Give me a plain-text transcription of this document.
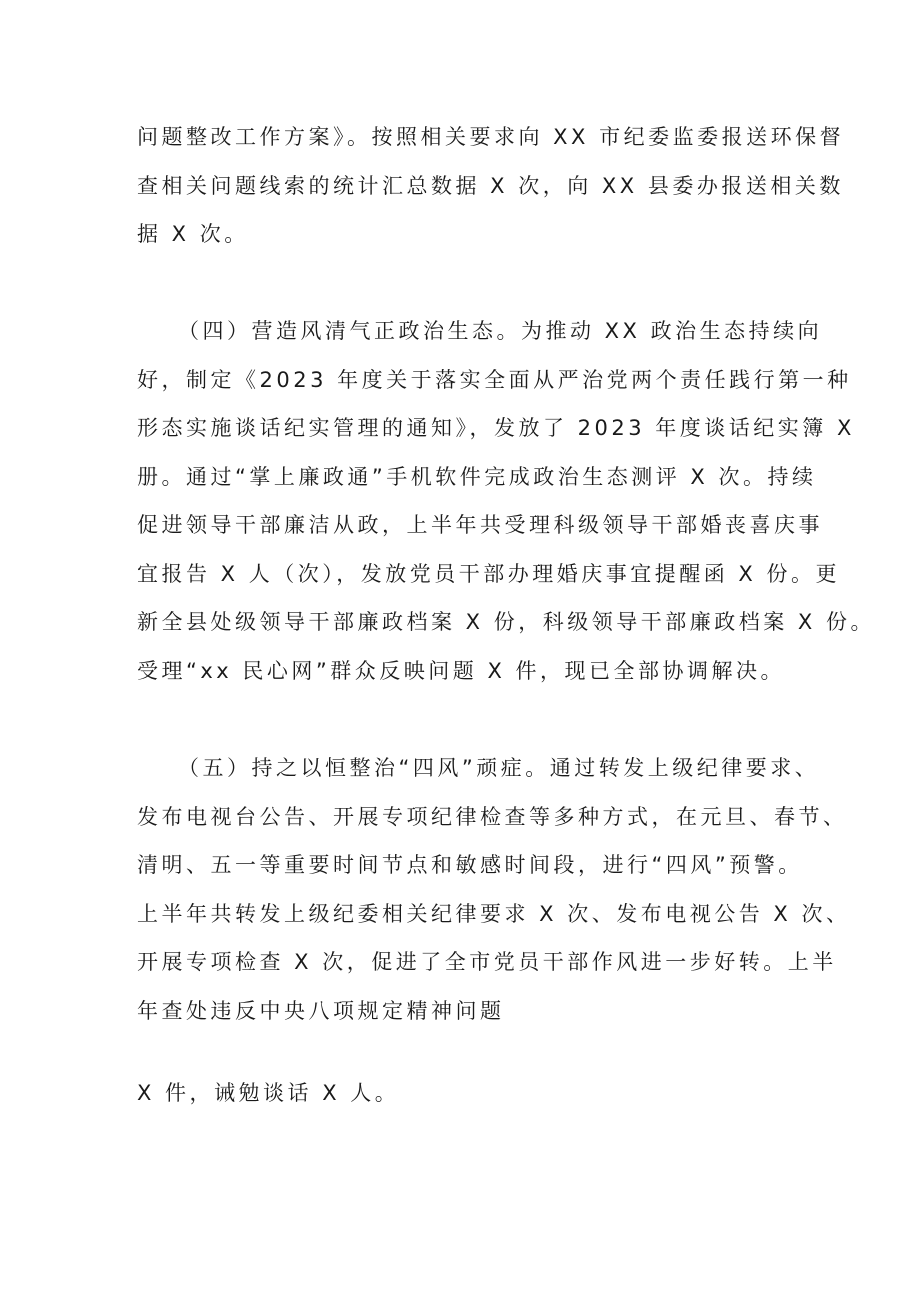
问题整改工作方案》。按照相关要求向 XX 市纪委监委报送环保督
查相关问题线索的统计汇总数据 X 次，向 XX 县委办报送相关数
据 X 次。
（四）营造风清气正政治生态。为推动 XX 政治生态持续向
好，制定《2023 年度关于落实全面从严治党两个责任践行第一种
形态实施谈话纪实管理的通知》，发放了 2023 年度谈话纪实簿 X
册。通过“掌上廉政通”手机软件完成政治生态测评 X 次。持续
促进领导干部廉洁从政，上半年共受理科级领导干部婚丧喜庆事
宜报告 X 人（次），发放党员干部办理婚庆事宜提醒函 X 份。更
新全县处级领导干部廉政档案 X 份，科级领导干部廉政档案 X 份。
受理“xx 民心网”群众反映问题 X 件，现已全部协调解决。
（五）持之以恒整治“四风”顽症。通过转发上级纪律要求、
发布电视台公告、开展专项纪律检查等多种方式，在元旦、春节、
清明、五一等重要时间节点和敏感时间段，进行“四风”预警。
上半年共转发上级纪委相关纪律要求 X 次、发布电视公告 X 次、
开展专项检查 X 次，促进了全市党员干部作风进一步好转。上半
年查处违反中央八项规定精神问题
X 件，诫勉谈话 X 人。
